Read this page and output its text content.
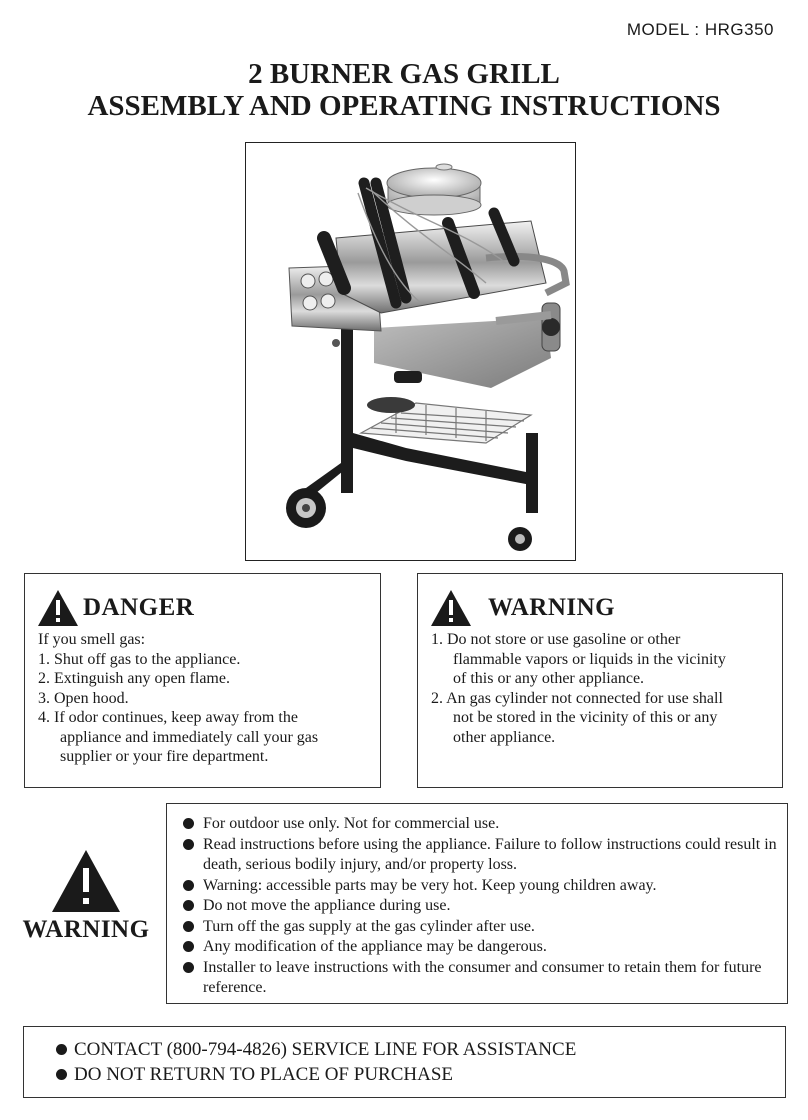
MODEL : HRG350
2 BURNER GAS GRILL
ASSEMBLY AND OPERATING INSTRUCTIONS
DANGER
If you smell gas:
1. Shut off gas to the appliance.
2. Extinguish any open flame.
3. Open hood.
4. If odor continues, keep away from the
appliance and immediately call your gas
supplier or your fire department.
WARNING
1. Do not store or use gasoline or other
flammable vapors or liquids in the vicinity
of this or any other appliance.
2. An gas cylinder not connected for use shall
not be stored in the vicinity of this or any
other appliance.
WARNING
For outdoor use only. Not for commercial use.
Read instructions before using the appliance. Failure to follow instructions could result in death, serious bodily injury, and/or property loss.
Warning: accessible parts may be very hot. Keep young children away.
Do not move the appliance during use.
Turn off the gas supply at the gas cylinder after use.
Any modification of the appliance may be dangerous.
Installer to leave instructions with the consumer and consumer to retain them for future reference.
CONTACT (800-794-4826) SERVICE LINE FOR ASSISTANCE
DO NOT RETURN TO PLACE OF PURCHASE
